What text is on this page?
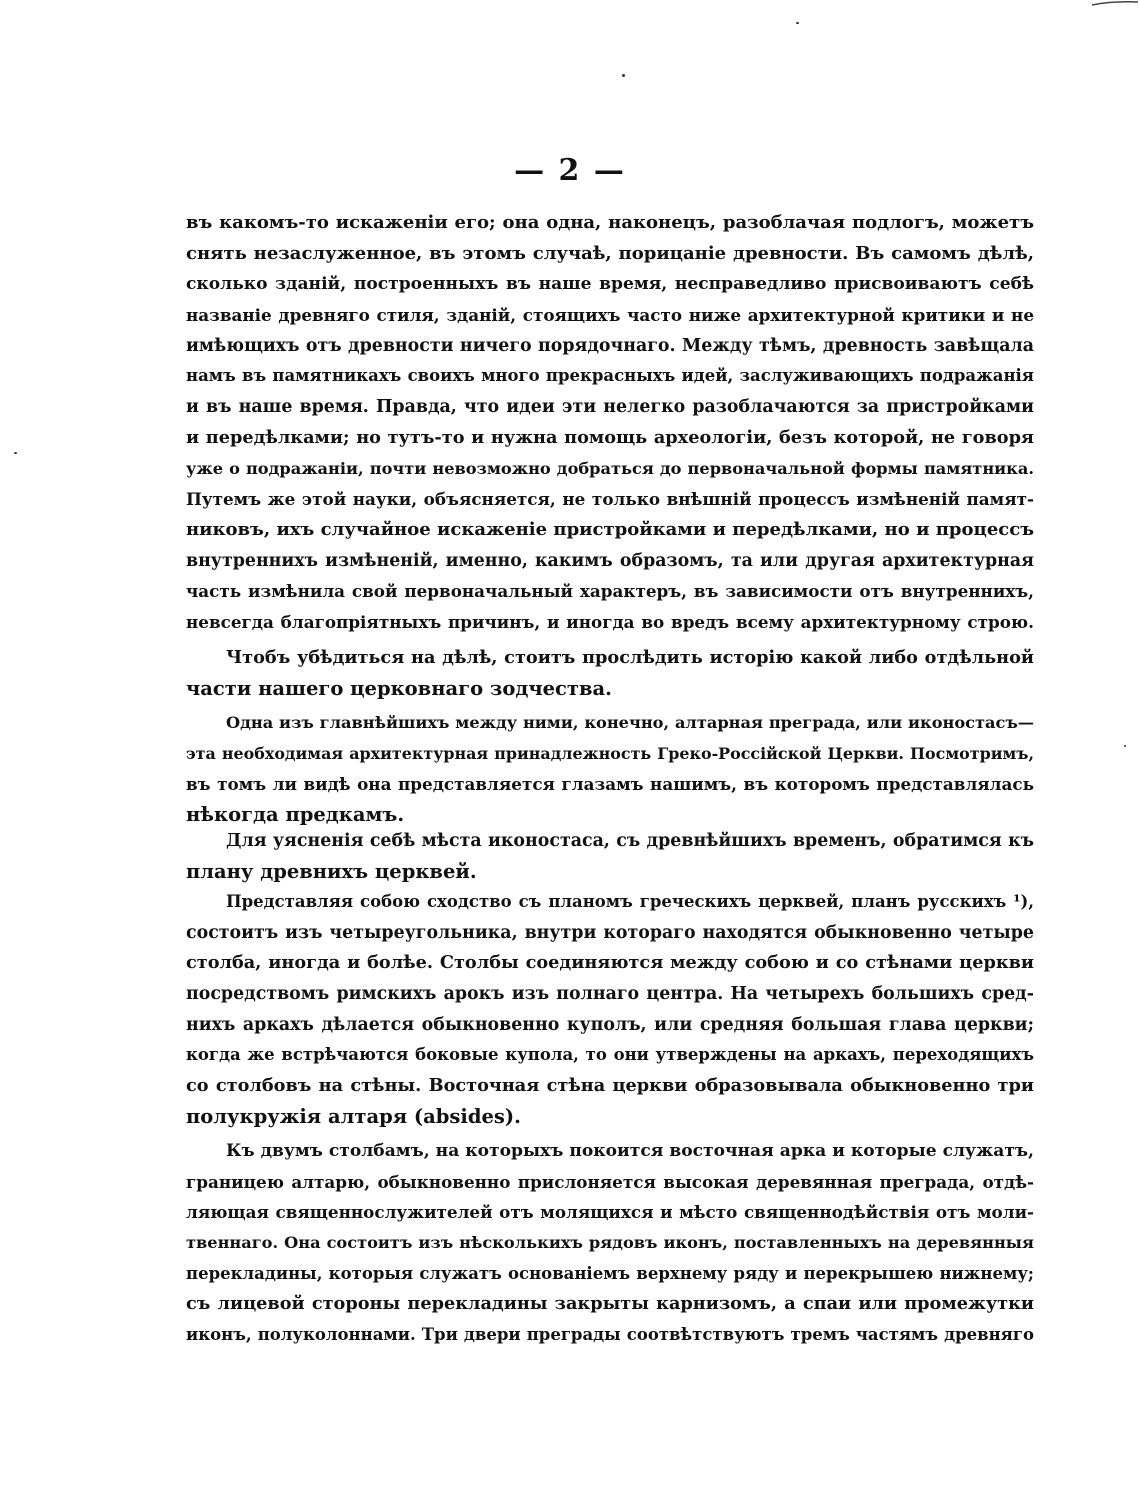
— 2 —
въ какомъ-то искаженіи его; она одна, наконецъ, разоблачая подлогъ, можетъ
снять незаслуженное, въ этомъ случаѣ, порицаніе древности. Въ самомъ дѣлѣ,
сколько зданій, построенныхъ въ наше время, несправедливо присвоиваютъ себѣ
названіе древняго стиля, зданій, стоящихъ часто ниже архитектурной критики и не
имѣющихъ отъ древности ничего порядочнаго. Между тѣмъ, древность завѣщала
намъ въ памятникахъ своихъ много прекрасныхъ идей, заслуживающихъ подражанія
и въ наше время. Правда, что идеи эти нелегко разоблачаются за пристройками
и передѣлками; но тутъ-то и нужна помощь археологіи, безъ которой, не говоря
уже о подражаніи, почти невозможно добраться до первоначальной формы памятника.
Путемъ же этой науки, объясняется, не только внѣшній процессъ измѣненій памят-
никовъ, ихъ случайное искаженіе пристройками и передѣлками, но и процессъ
внутреннихъ измѣненій, именно, какимъ образомъ, та или другая архитектурная
часть измѣнила свой первоначальный характеръ, въ зависимости отъ внутреннихъ,
невсегда благопріятныхъ причинъ, и иногда во вредъ всему архитектурному строю.
Чтобъ убѣдиться на дѣлѣ, стоитъ прослѣдить исторію какой либо отдѣльной
части нашего церковнаго зодчества.
Одна изъ главнѣйшихъ между ними, конечно, алтарная преграда, или иконостасъ—
эта необходимая архитектурная принадлежность Греко-Россійской Церкви. Посмотримъ,
въ томъ ли видѣ она представляется глазамъ нашимъ, въ которомъ представлялась
нѣкогда предкамъ.
Для уясненія себѣ мѣста иконостаса, съ древнѣйшихъ временъ, обратимся къ
плану древнихъ церквей.
Представляя собою сходство съ планомъ греческихъ церквей, планъ русскихъ ¹),
состоитъ изъ четыреугольника, внутри котораго находятся обыкновенно четыре
столба, иногда и болѣе. Столбы соединяются между собою и со стѣнами церкви
посредствомъ римскихъ арокъ изъ полнаго центра. На четырехъ большихъ сред-
нихъ аркахъ дѣлается обыкновенно куполъ, или средняя большая глава церкви;
когда же встрѣчаются боковые купола, то они утверждены на аркахъ, переходящихъ
со столбовъ на стѣны. Восточная стѣна церкви образовывала обыкновенно три
полукружія алтаря (absides).
Къ двумъ столбамъ, на которыхъ покоится восточная арка и которые служатъ,
границею алтарю, обыкновенно прислоняется высокая деревянная преграда, отдѣ-
ляющая священнослужителей отъ молящихся и мѣсто священнодѣйствія отъ моли-
твеннаго. Она состоитъ изъ нѣсколькихъ рядовъ иконъ, поставленныхъ на деревянныя
перекладины, которыя служатъ основаніемъ верхнему ряду и перекрышею нижнему;
съ лицевой стороны перекладины закрыты карнизомъ, а спаи или промежутки
иконъ, полуколоннами. Три двери преграды соотвѣтствуютъ тремъ частямъ древняго
